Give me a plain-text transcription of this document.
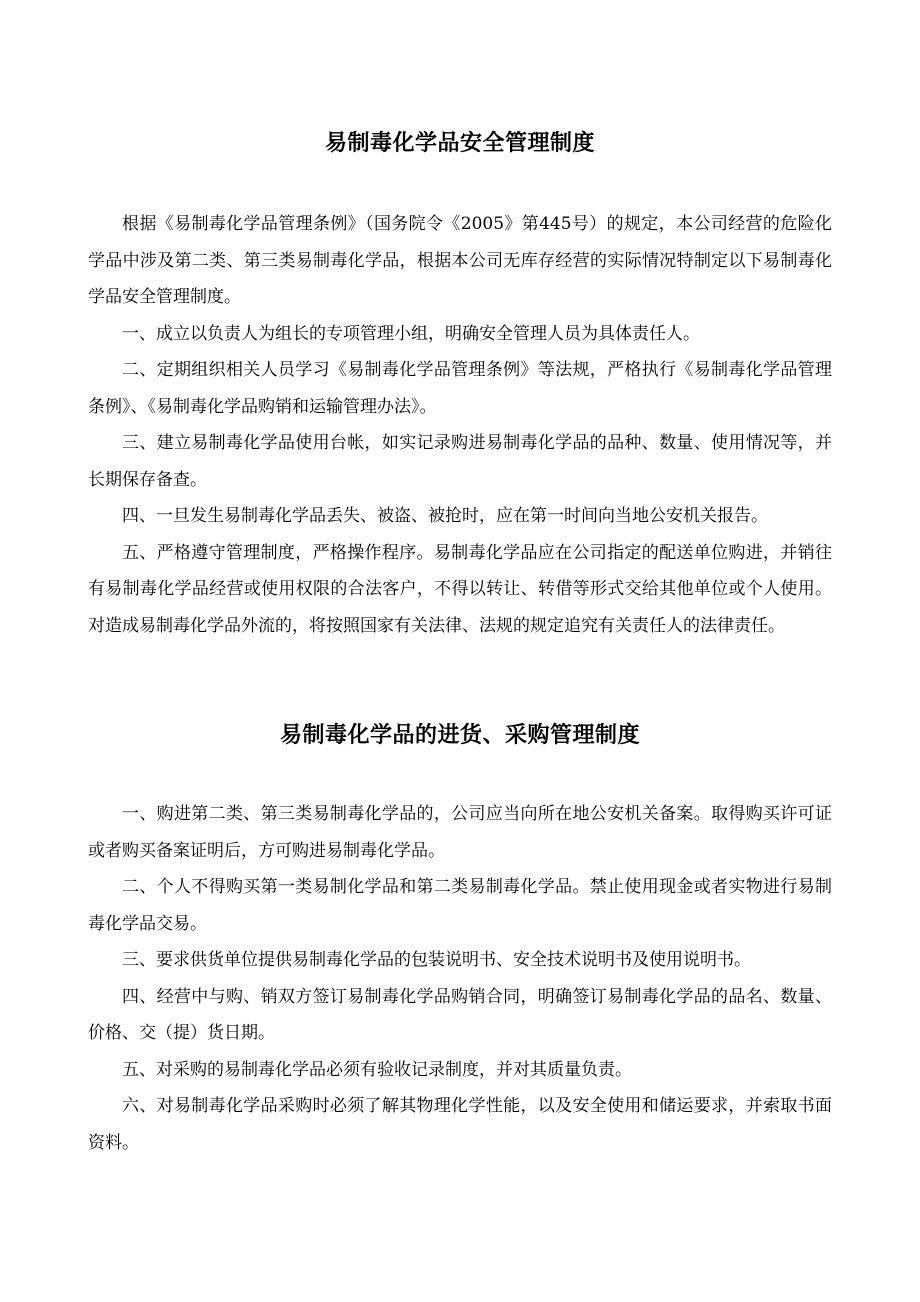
易制毒化学品安全管理制度

根据《易制毒化学品管理条例》（国务院令《2005》第445号）的规定，本公司经营的危险化学品中涉及第二类、第三类易制毒化学品，根据本公司无库存经营的实际情况特制定以下易制毒化学品安全管理制度。

一、成立以负责人为组长的专项管理小组，明确安全管理人员为具体责任人。

二、定期组织相关人员学习《易制毒化学品管理条例》等法规，严格执行《易制毒化学品管理条例》、《易制毒化学品购销和运输管理办法》。

三、建立易制毒化学品使用台帐，如实记录购进易制毒化学品的品种、数量、使用情况等，并长期保存备查。

四、一旦发生易制毒化学品丢失、被盗、被抢时，应在第一时间向当地公安机关报告。

五、严格遵守管理制度，严格操作程序。易制毒化学品应在公司指定的配送单位购进，并销往有易制毒化学品经营或使用权限的合法客户，不得以转让、转借等形式交给其他单位或个人使用。对造成易制毒化学品外流的，将按照国家有关法律、法规的规定追究有关责任人的法律责任。

易制毒化学品的进货、采购管理制度

一、购进第二类、第三类易制毒化学品的，公司应当向所在地公安机关备案。取得购买许可证或者购买备案证明后，方可购进易制毒化学品。

二、个人不得购买第一类易制化学品和第二类易制毒化学品。禁止使用现金或者实物进行易制毒化学品交易。

三、要求供货单位提供易制毒化学品的包装说明书、安全技术说明书及使用说明书。

四、经营中与购、销双方签订易制毒化学品购销合同，明确签订易制毒化学品的品名、数量、价格、交（提）货日期。

五、对采购的易制毒化学品必须有验收记录制度，并对其质量负责。

六、对易制毒化学品采购时必须了解其物理化学性能，以及安全使用和储运要求，并索取书面资料。
